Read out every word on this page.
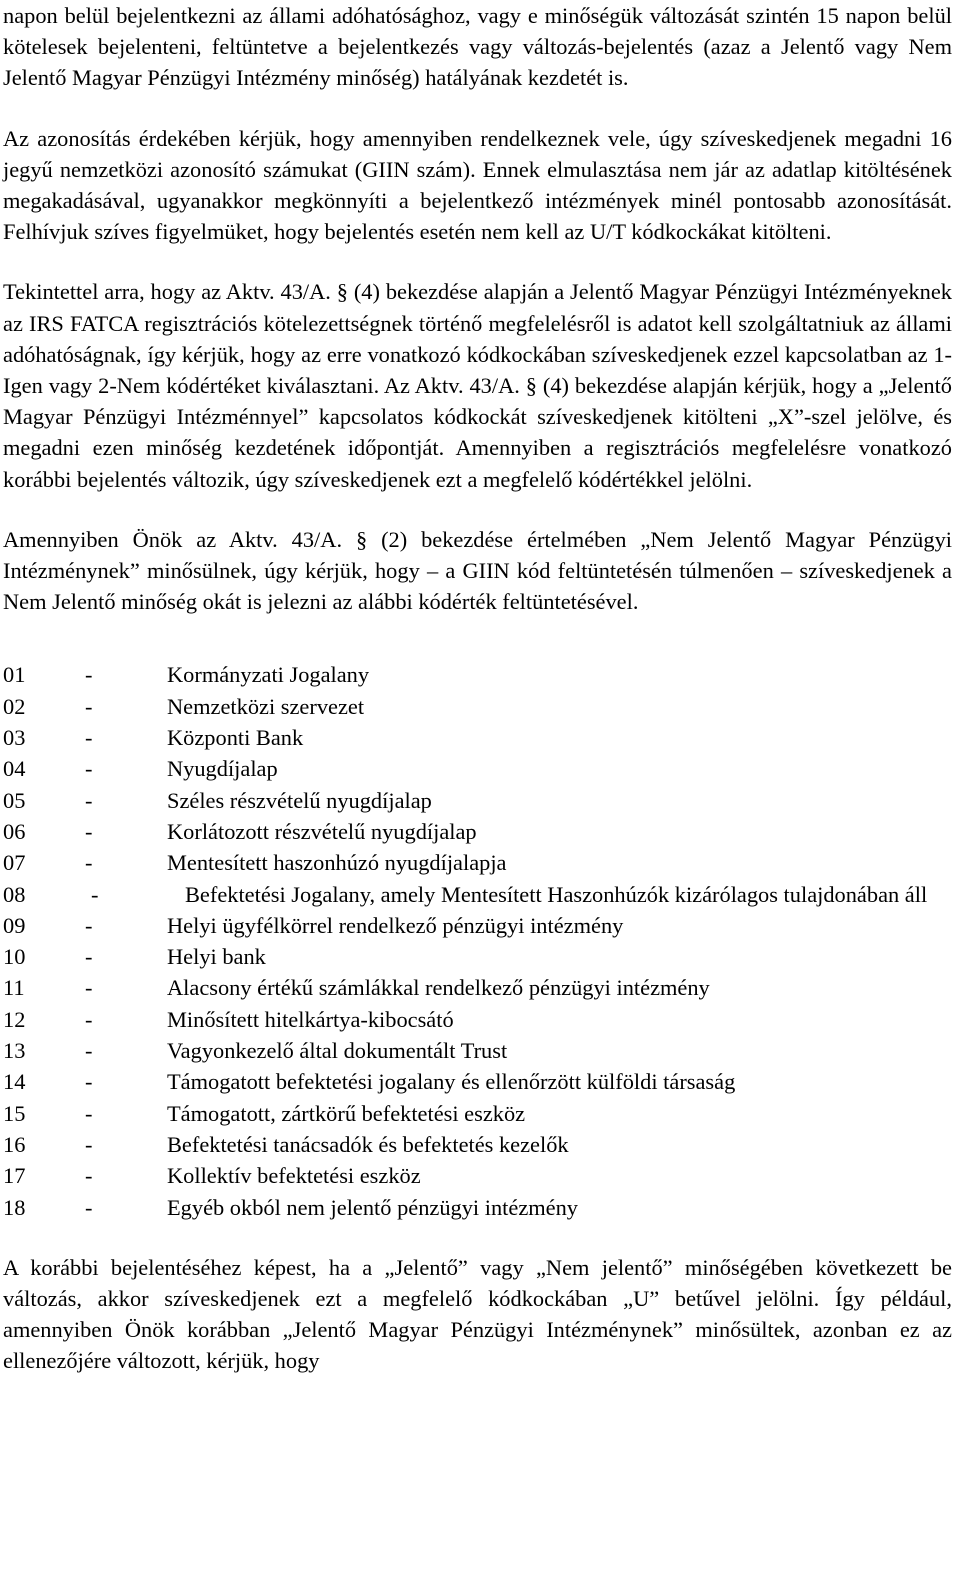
napon belül bejelentkezni az állami adóhatósághoz, vagy e minőségük változását szintén 15 napon belül kötelesek bejelenteni, feltüntetve a bejelentkezés vagy változás-bejelentés (azaz a Jelentő vagy Nem Jelentő Magyar Pénzügyi Intézmény minőség) hatályának kezdetét is.

Az azonosítás érdekében kérjük, hogy amennyiben rendelkeznek vele, úgy szíveskedjenek megadni 16 jegyű nemzetközi azonosító számukat (GIIN szám). Ennek elmulasztása nem jár az adatlap kitöltésének megakadásával, ugyanakkor megkönnyíti a bejelentkező intézmények minél pontosabb azonosítását. Felhívjuk szíves figyelmüket, hogy bejelentés esetén nem kell az U/T kódkockákat kitölteni.

Tekintettel arra, hogy az Aktv. 43/A. § (4) bekezdése alapján a Jelentő Magyar Pénzügyi Intézményeknek az IRS FATCA regisztrációs kötelezettségnek történő megfelelésről is adatot kell szolgáltatniuk az állami adóhatóságnak, így kérjük, hogy az erre vonatkozó kódkockában szíveskedjenek ezzel kapcsolatban az 1-Igen vagy 2-Nem kódértéket kiválasztani. Az Aktv. 43/A. § (4) bekezdése alapján kérjük, hogy a „Jelentő Magyar Pénzügyi Intézménnyel” kapcsolatos kódkockát szíveskedjenek kitölteni „X”-szel jelölve, és megadni ezen minőség kezdetének időpontját. Amennyiben a regisztrációs megfelelésre vonatkozó korábbi bejelentés változik, úgy szíveskedjenek ezt a megfelelő kódértékkel jelölni.

Amennyiben Önök az Aktv. 43/A. § (2) bekezdése értelmében „Nem Jelentő Magyar Pénzügyi Intézménynek” minősülnek, úgy kérjük, hogy – a GIIN kód feltüntetésén túlmenően – szíveskedjenek a Nem Jelentő minőség okát is jelezni az alábbi kódérték feltüntetésével.

01	-	Kormányzati Jogalany
02	-	Nemzetközi szervezet
03	-	Központi Bank
04	-	Nyugdíjalap
05	-	Széles részvételű nyugdíjalap
06	-	Korlátozott részvételű nyugdíjalap
07	-	Mentesített haszonhúzó nyugdíjalapja
08	-	Befektetési Jogalany, amely Mentesített Haszonhúzók kizárólagos tulajdonában áll
09	-	Helyi ügyfélkörrel rendelkező pénzügyi intézmény
10	-	Helyi bank
11	-	Alacsony értékű számlákkal rendelkező pénzügyi intézmény
12	-	Minősített hitelkártya-kibocsátó
13	-	Vagyonkezelő által dokumentált Trust
14	-	Támogatott befektetési jogalany és ellenőrzött külföldi társaság
15	-	Támogatott, zártkörű befektetési eszköz
16	-	Befektetési tanácsadók és befektetés kezelők
17	-	Kollektív befektetési eszköz
18	-	Egyéb okból nem jelentő pénzügyi intézmény

A korábbi bejelentéséhez képest, ha a „Jelentő” vagy „Nem jelentő” minőségében következett be változás, akkor szíveskedjenek ezt a megfelelő kódkockában „U” betűvel jelölni. Így például, amennyiben Önök korábban „Jelentő Magyar Pénzügyi Intézménynek” minősültek, azonban ez az ellenezőjére változott, kérjük, hogy
